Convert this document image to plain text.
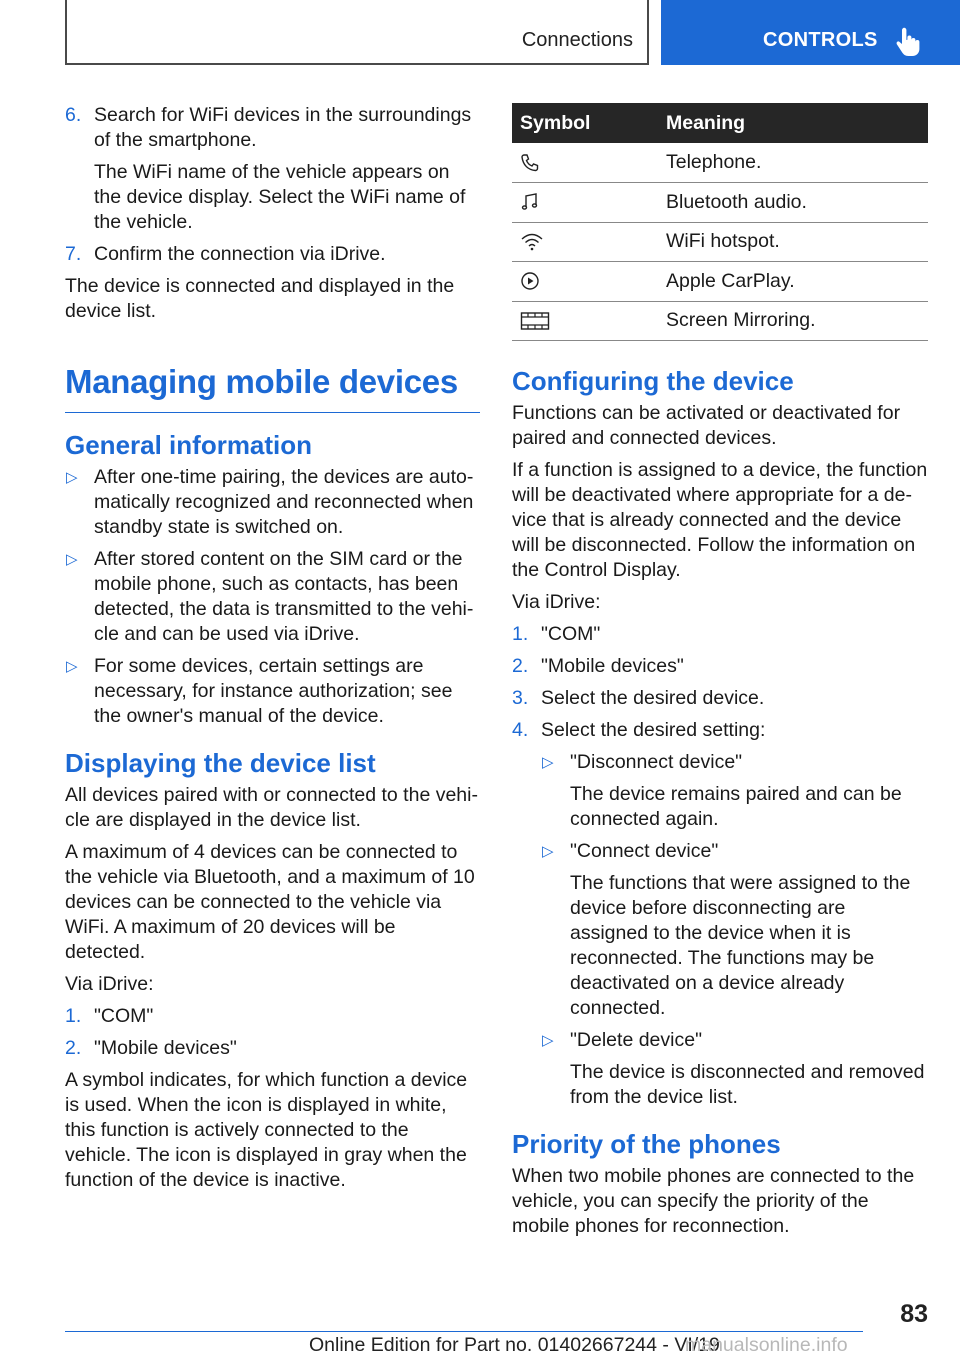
Connections	CONTROLS
6. Search for WiFi devices in the surroundings of the smartphone.
The WiFi name of the vehicle appears on the device display. Select the WiFi name of the vehicle.
7. Confirm the connection via iDrive.

The device is connected and displayed in the device list.

Managing mobile devices
General information
▷ After one-time pairing, the devices are automatically recognized and reconnected when standby state is switched on.
▷ After stored content on the SIM card or the mobile phone, such as contacts, has been detected, the data is transmitted to the vehicle and can be used via iDrive.
▷ For some devices, certain settings are necessary, for instance authorization; see the owner's manual of the device.
Displaying the device list

All devices paired with or connected to the vehicle are displayed in the device list.

A maximum of 4 devices can be connected to the vehicle via Bluetooth, and a maximum of 10 devices can be connected to the vehicle via WiFi. A maximum of 20 devices will be detected.

Via iDrive:

1. "COM"
2. "Mobile devices"

A symbol indicates, for which function a device is used. When the icon is displayed in white, this function is actively connected to the vehicle. The icon is displayed in gray when the function of the device is inactive.

Symbol	Meaning

	Telephone.

	Bluetooth audio.

	WiFi hotspot.

	Apple CarPlay.

	Screen Mirroring.
Configuring the device

Functions can be activated or deactivated for paired and connected devices.

If a function is assigned to a device, the function will be deactivated where appropriate for a device that is already connected and the device will be disconnected. Follow the information on the Control Display.

Via iDrive:

1. "COM"
2. "Mobile devices"
3. Select the desired device.
4. Select the desired setting:
▷ "Disconnect device"
The device remains paired and can be connected again.
▷ "Connect device"
The functions that were assigned to the device before disconnecting are assigned to the device when it is reconnected. The functions may be deactivated on a device already connected.
▷ "Delete device"
The device is disconnected and removed from the device list.
Priority of the phones

When two mobile phones are connected to the vehicle, you can specify the priority of the mobile phones for reconnection.

83
Online Edition for Part no. 01402667244 - VI/19
manualsonline.info
